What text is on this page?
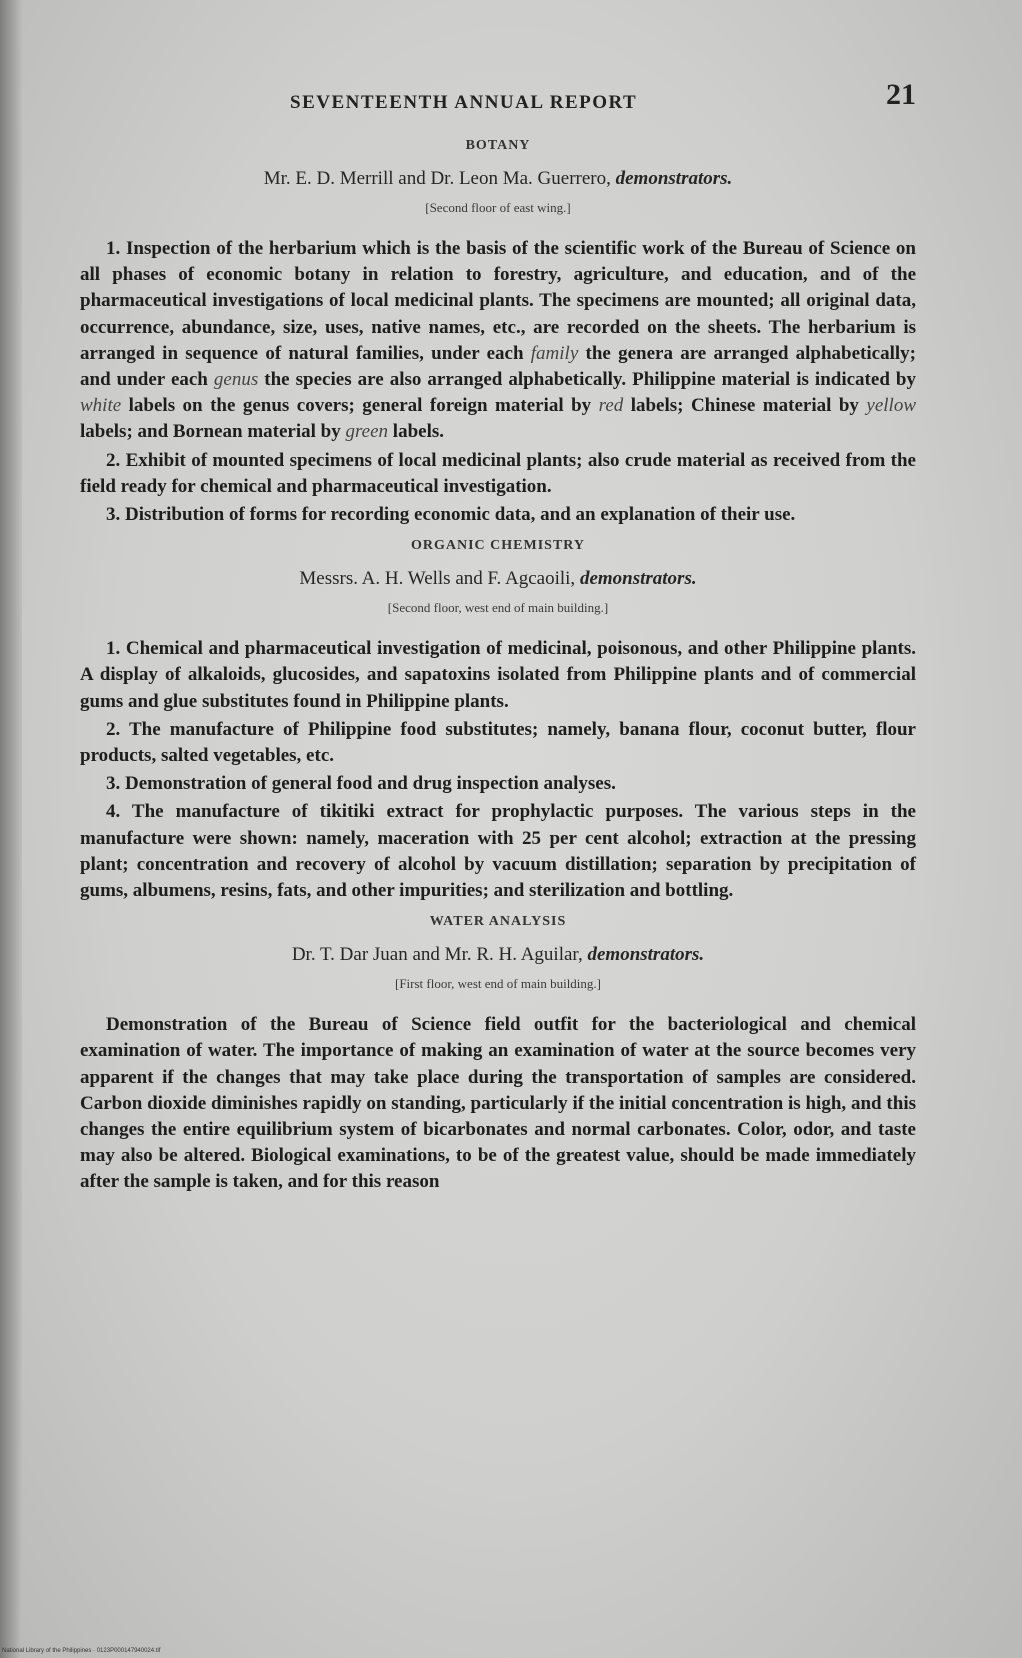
SEVENTEENTH ANNUAL REPORT	21
BOTANY
Mr. E. D. Merrill and Dr. Leon Ma. Guerrero, demonstrators.
[Second floor of east wing.]

1. Inspection of the herbarium which is the basis of the scientific work of the Bureau of Science on all phases of economic botany in relation to forestry, agriculture, and education, and of the pharmaceutical investigations of local medicinal plants. The specimens are mounted; all original data, occurrence, abundance, size, uses, native names, etc., are recorded on the sheets. The herbarium is arranged in sequence of natural families, under each family the genera are arranged alphabetically; and under each genus the species are also arranged alphabetically. Philippine material is indicated by white labels on the genus covers; general foreign material by red labels; Chinese material by yellow labels; and Bornean material by green labels.

2. Exhibit of mounted specimens of local medicinal plants; also crude material as received from the field ready for chemical and pharmaceutical investigation.

3. Distribution of forms for recording economic data, and an explanation of their use.

ORGANIC CHEMISTRY
Messrs. A. H. Wells and F. Agcaoili, demonstrators.
[Second floor, west end of main building.]

1. Chemical and pharmaceutical investigation of medicinal, poisonous, and other Philippine plants. A display of alkaloids, glucosides, and sapatoxins isolated from Philippine plants and of commercial gums and glue substitutes found in Philippine plants.

2. The manufacture of Philippine food substitutes; namely, banana flour, coconut butter, flour products, salted vegetables, etc.

3. Demonstration of general food and drug inspection analyses.

4. The manufacture of tikitiki extract for prophylactic purposes. The various steps in the manufacture were shown: namely, maceration with 25 per cent alcohol; extraction at the pressing plant; concentration and recovery of alcohol by vacuum distillation; separation by precipitation of gums, albumens, resins, fats, and other impurities; and sterilization and bottling.

WATER ANALYSIS
Dr. T. Dar Juan and Mr. R. H. Aguilar, demonstrators.
[First floor, west end of main building.]

Demonstration of the Bureau of Science field outfit for the bacteriological and chemical examination of water. The importance of making an examination of water at the source becomes very apparent if the changes that may take place during the transportation of samples are considered. Carbon dioxide diminishes rapidly on standing, particularly if the initial concentration is high, and this changes the entire equilibrium system of bicarbonates and normal carbonates. Color, odor, and taste may also be altered. Biological examinations, to be of the greatest value, should be made immediately after the sample is taken, and for this reason

National Library of the Philippines · 0123P000147940024.tif
